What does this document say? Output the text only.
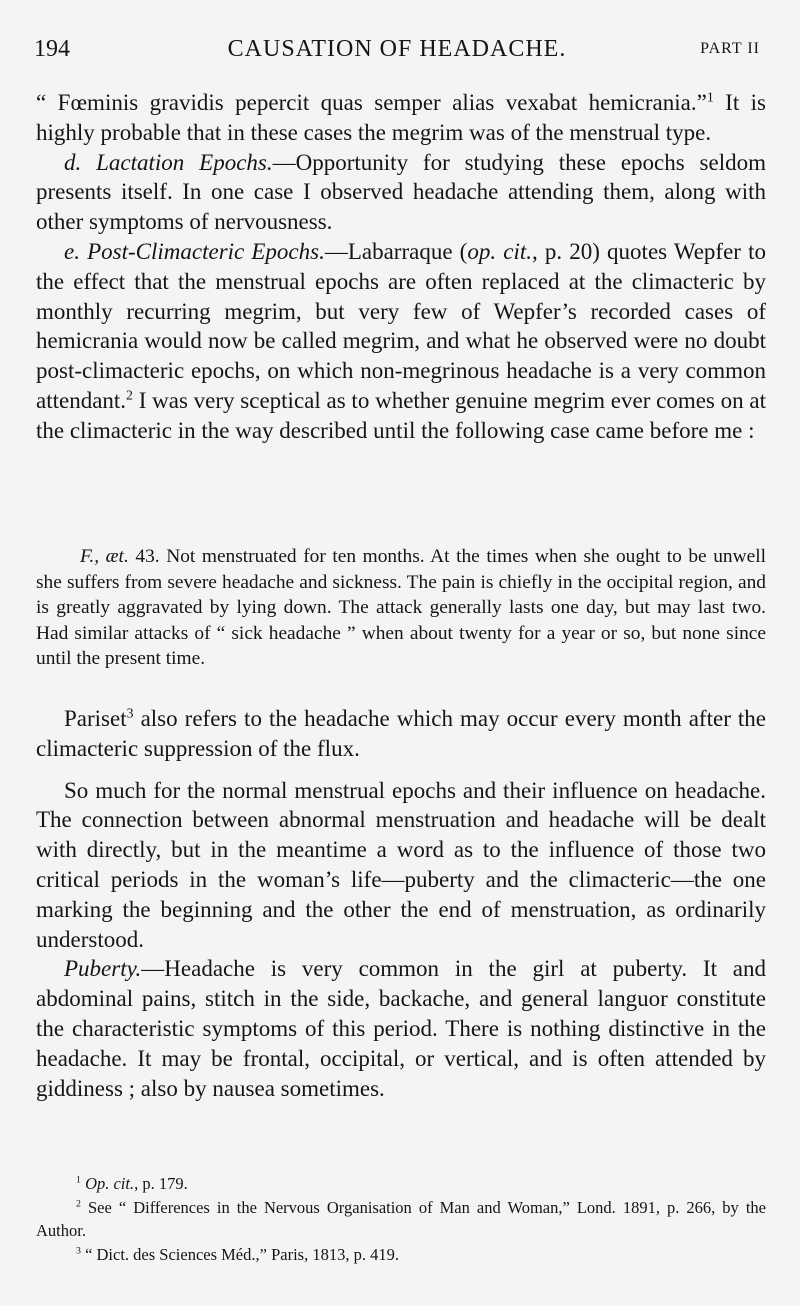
194	CAUSATION OF HEADACHE.	PART II

“ Fœminis gravidis pepercit quas semper alias vexabat hemicrania.”$^1$ It is highly probable that in these cases the megrim was of the menstrual type.

d. Lactation Epochs.—Opportunity for studying these epochs seldom presents itself. In one case I observed headache attending them, along with other symptoms of nervousness.

e. Post-Climacteric Epochs.—Labarraque (op. cit., p. 20) quotes Wepfer to the effect that the menstrual epochs are often replaced at the climacteric by monthly recurring megrim, but very few of Wepfer’s recorded cases of hemicrania would now be called megrim, and what he observed were no doubt post-climacteric epochs, on which non-megrinous headache is a very common attendant.$^2$ I was very sceptical as to whether genuine megrim ever comes on at the climacteric in the way described until the following case came before me :

F., æt. 43. Not menstruated for ten months. At the times when she ought to be unwell she suffers from severe headache and sickness. The pain is chiefly in the occipital region, and is greatly aggravated by lying down. The attack generally lasts one day, but may last two. Had similar attacks of “ sick headache ” when about twenty for a year or so, but none since until the present time.

Pariset$^3$ also refers to the headache which may occur every month after the climacteric suppression of the flux.

So much for the normal menstrual epochs and their influence on headache. The connection between abnormal menstruation and headache will be dealt with directly, but in the meantime a word as to the influence of those two critical periods in the woman’s life—puberty and the climacteric—the one marking the beginning and the other the end of menstruation, as ordinarily understood.

Puberty.—Headache is very common in the girl at puberty. It and abdominal pains, stitch in the side, backache, and general languor constitute the characteristic symptoms of this period. There is nothing distinctive in the headache. It may be frontal, occipital, or vertical, and is often attended by giddiness ; also by nausea sometimes.

$^1$ Op. cit., p. 179.

$^2$ See “ Differences in the Nervous Organisation of Man and Woman,” Lond. 1891, p. 266, by the Author.

$^3$ “ Dict. des Sciences Méd.,” Paris, 1813, p. 419.
